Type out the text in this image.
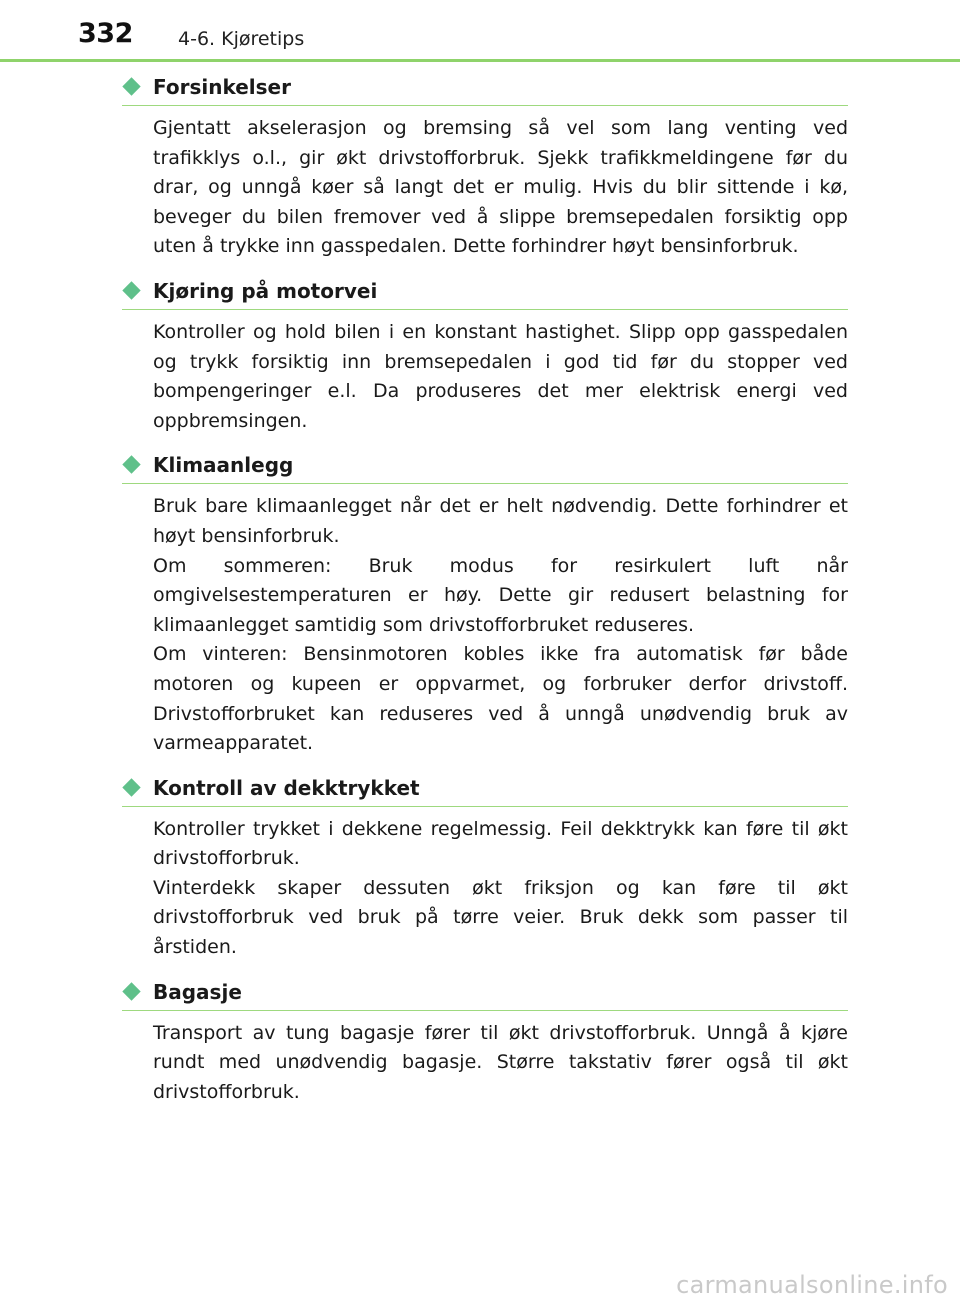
332 4-6. Kjøretips
Forsinkelser

Gjentatt akselerasjon og bremsing så vel som lang venting ved trafikklys o.l., gir økt drivstofforbruk. Sjekk trafikkmeldingene før du drar, og unngå køer så langt det er mulig. Hvis du blir sittende i kø, beveger du bilen fremover ved å slippe bremsepedalen forsiktig opp uten å trykke inn gasspedalen. Dette forhindrer høyt bensinforbruk.

Kjøring på motorvei

Kontroller og hold bilen i en konstant hastighet. Slipp opp gasspedalen og trykk forsiktig inn bremsepedalen i god tid før du stopper ved bompengeringer e.l. Da produseres det mer elektrisk energi ved oppbremsingen.

Klimaanlegg

Bruk bare klimaanlegget når det er helt nødvendig. Dette forhindrer et høyt bensinforbruk.

Om sommeren: Bruk modus for resirkulert luft når omgivelsestemperaturen er høy. Dette gir redusert belastning for klimaanlegget samtidig som drivstofforbruket reduseres.

Om vinteren: Bensinmotoren kobles ikke fra automatisk før både motoren og kupeen er oppvarmet, og forbruker derfor drivstoff. Drivstofforbruket kan reduseres ved å unngå unødvendig bruk av varmeapparatet.

Kontroll av dekktrykket

Kontroller trykket i dekkene regelmessig. Feil dekktrykk kan føre til økt drivstofforbruk.

Vinterdekk skaper dessuten økt friksjon og kan føre til økt drivstofforbruk ved bruk på tørre veier. Bruk dekk som passer til årstiden.

Bagasje

Transport av tung bagasje fører til økt drivstofforbruk. Unngå å kjøre rundt med unødvendig bagasje. Større takstativ fører også til økt drivstofforbruk.

carmanualsonline.info
